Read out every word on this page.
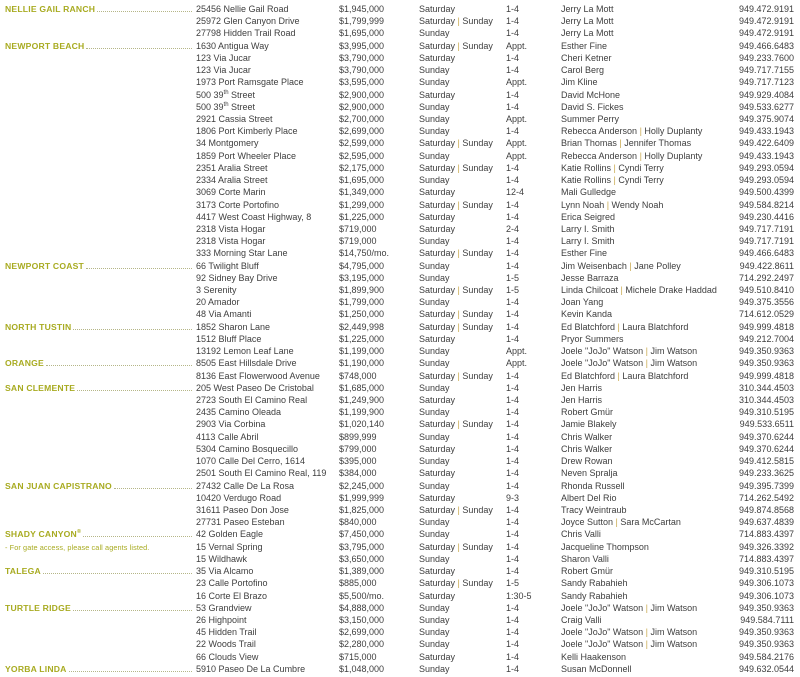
NELLIE GAIL RANCH	25456 Nellie Gail Road	$1,945,000	Saturday	1-4	Jerry La Mott	949.472.9191
25972 Glen Canyon Drive	$1,799,999	Saturday | Sunday	1-4	Jerry La Mott	949.472.9191
27798 Hidden Trail Road	$1,695,000	Sunday	1-4	Jerry La Mott	949.472.9191
NEWPORT BEACH	1630 Antigua Way	$3,995,000	Saturday | Sunday	Appt.	Esther Fine	949.466.6483
123 Via Jucar	$3,790,000	Saturday	1-4	Cheri Ketner	949.233.7600
123 Via Jucar	$3,790,000	Sunday	1-4	Carol Berg	949.717.7155
1973 Port Ramsgate Place	$3,595,000	Sunday	Appt.	Jim Kline	949.717.7123
500 39th Street	$2,900,000	Saturday	1-4	David McHone	949.929.4084
500 39th Street	$2,900,000	Sunday	1-4	David S. Fickes	949.533.6277
2921 Cassia Street	$2,700,000	Sunday	Appt.	Summer Perry	949.375.9074
1806 Port Kimberly Place	$2,699,000	Sunday	1-4	Rebecca Anderson | Holly Duplanty	949.433.1943
34 Montgomery	$2,599,000	Saturday | Sunday	Appt.	Brian Thomas | Jennifer Thomas	949.422.6409
1859 Port Wheeler Place	$2,595,000	Sunday	Appt.	Rebecca Anderson | Holly Duplanty	949.433.1943
2351 Aralia Street	$2,175,000	Saturday | Sunday	1-4	Katie Rollins | Cyndi Terry	949.293.0594
2334 Aralia Street	$1,695,000	Sunday	1-4	Katie Rollins | Cyndi Terry	949.293.0594
3069 Corte Marin	$1,349,000	Saturday	12-4	Mali Gulledge	949.500.4399
3173 Corte Portofino	$1,299,000	Saturday | Sunday	1-4	Lynn Noah | Wendy Noah	949.584.8214
4417 West Coast Highway, 8	$1,225,000	Saturday	1-4	Erica Seigred	949.230.4416
2318 Vista Hogar	$719,000	Saturday	2-4	Larry I. Smith	949.717.7191
2318 Vista Hogar	$719,000	Sunday	1-4	Larry I. Smith	949.717.7191
333 Morning Star Lane	$14,750/mo.	Saturday | Sunday	1-4	Esther Fine	949.466.6483
NEWPORT COAST	66 Twilight Bluff	$4,795,000	Sunday	1-4	Jim Weisenbach | Jane Polley	949.422.8611
92 Sidney Bay Drive	$3,195,000	Sunday	1-5	Jesse Barraza	714.292.2497
3 Serenity	$1,899,900	Saturday | Sunday	1-5	Linda Chilcoat | Michele Drake Haddad	949.510.8410
20 Amador	$1,799,000	Sunday	1-4	Joan Yang	949.375.3556
48 Via Amanti	$1,250,000	Saturday | Sunday	1-4	Kevin Kanda	714.612.0529
NORTH TUSTIN	1852 Sharon Lane	$2,449,998	Saturday | Sunday	1-4	Ed Blatchford | Laura Blatchford	949.999.4818
1512 Bluff Place	$1,225,000	Saturday	1-4	Pryor Summers	949.212.7004
13192 Lemon Leaf Lane	$1,199,000	Sunday	Appt.	Joele "JoJo" Watson | Jim Watson	949.350.9363
ORANGE	8505 East Hillsdale Drive	$1,190,000	Sunday	Appt.	Joele "JoJo" Watson | Jim Watson	949.350.9363
8136 East Flowerwood Avenue	$748,000	Saturday | Sunday	1-4	Ed Blatchford | Laura Blatchford	949.999.4818
SAN CLEMENTE	205 West Paseo De Cristobal	$1,685,000	Sunday	1-4	Jen Harris	310.344.4503
2723 South El Camino Real	$1,249,900	Saturday	1-4	Jen Harris	310.344.4503
2435 Camino Oleada	$1,199,900	Sunday	1-4	Robert Gmür	949.310.5195
2903 Via Corbina	$1,020,140	Saturday | Sunday	1-4	Jamie Blakely	949.533.6511
4113 Calle Abril	$899,999	Sunday	1-4	Chris Walker	949.370.6244
5304 Camino Bosquecillo	$799,000	Saturday	1-4	Chris Walker	949.370.6244
1070 Calle Del Cerro, 1614	$395,000	Sunday	1-4	Drew Rowan	949.412.5815
2501 South El Camino Real, 119	$384,000	Saturday	1-4	Neven Spralja	949.233.3625
SAN JUAN CAPISTRANO	27432 Calle De La Rosa	$2,245,000	Sunday	1-4	Rhonda Russell	949.395.7399
10420 Verdugo Road	$1,999,999	Saturday	9-3	Albert Del Rio	714.262.5492
31611 Paseo Don Jose	$1,825,000	Saturday | Sunday	1-4	Tracy Weintraub	949.874.8568
27731 Paseo Esteban	$840,000	Sunday	1-4	Joyce Sutton | Sara McCartan	949.637.4839
SHADY CANYON®	42 Golden Eagle	$7,450,000	Sunday	1-4	Chris Valli	714.883.4397
- For gate access, please call agents listed.	15 Vernal Spring	$3,795,000	Saturday | Sunday	1-4	Jacqueline Thompson	949.326.3392
15 Wildhawk	$3,650,000	Sunday	1-4	Sharon Valli	714.883.4397
TALEGA	35 Via Alcamo	$1,389,000	Saturday	1-4	Robert Gmür	949.310.5195
23 Calle Portofino	$885,000	Saturday | Sunday	1-5	Sandy Rabahieh	949.306.1073
16 Corte El Brazo	$5,500/mo.	Saturday	1:30-5	Sandy Rabahieh	949.306.1073
TURTLE RIDGE	53 Grandview	$4,888,000	Sunday	1-4	Joele "JoJo" Watson | Jim Watson	949.350.9363
26 Highpoint	$3,150,000	Sunday	1-4	Craig Valli	949.584.7111
45 Hidden Trail	$2,699,000	Sunday	1-4	Joele "JoJo" Watson | Jim Watson	949.350.9363
22 Woods Trail	$2,280,000	Sunday	1-4	Joele "JoJo" Watson | Jim Watson	949.350.9363
66 Clouds View	$715,000	Saturday	1-4	Kelli Haakenson	949.584.2176
YORBA LINDA	5910 Paseo De La Cumbre	$1,048,000	Sunday	1-4	Susan McDonnell	949.632.0544
